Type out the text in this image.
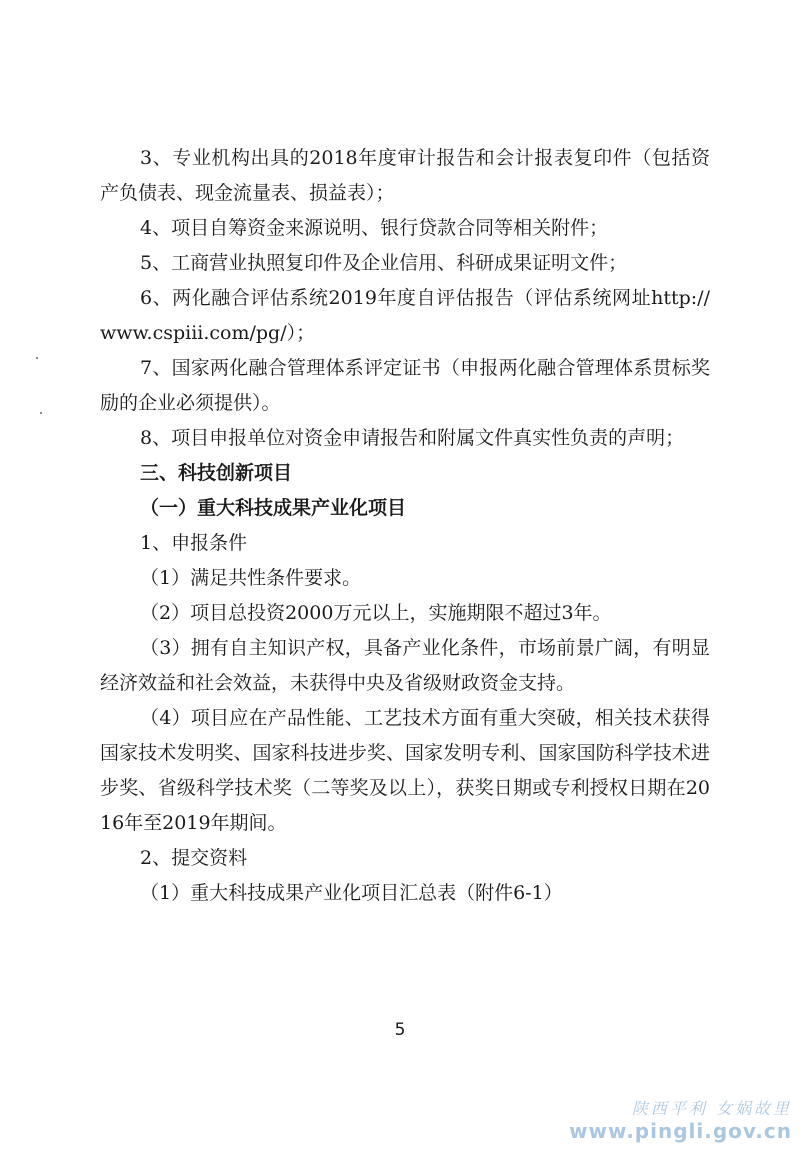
3、专业机构出具的2018年度审计报告和会计报表复印件（包括资产负债表、现金流量表、损益表）；

4、项目自筹资金来源说明、银行贷款合同等相关附件；

5、工商营业执照复印件及企业信用、科研成果证明文件；

6、两化融合评估系统2019年度自评估报告（评估系统网址http://www.cspiii.com/pg/）；

7、国家两化融合管理体系评定证书（申报两化融合管理体系贯标奖励的企业必须提供）。

8、项目申报单位对资金申请报告和附属文件真实性负责的声明；

三、科技创新项目

（一）重大科技成果产业化项目

1、申报条件

（1）满足共性条件要求。

（2）项目总投资2000万元以上，实施期限不超过3年。

（3）拥有自主知识产权，具备产业化条件，市场前景广阔，有明显经济效益和社会效益，未获得中央及省级财政资金支持。

（4）项目应在产品性能、工艺技术方面有重大突破，相关技术获得国家技术发明奖、国家科技进步奖、国家发明专利、国家国防科学技术进步奖、省级科学技术奖（二等奖及以上），获奖日期或专利授权日期在2016年至2019年期间。

2、提交资料

（1）重大科技成果产业化项目汇总表（附件6-1）

5
陕西平利 女娲故里
www.pingli.gov.cn
